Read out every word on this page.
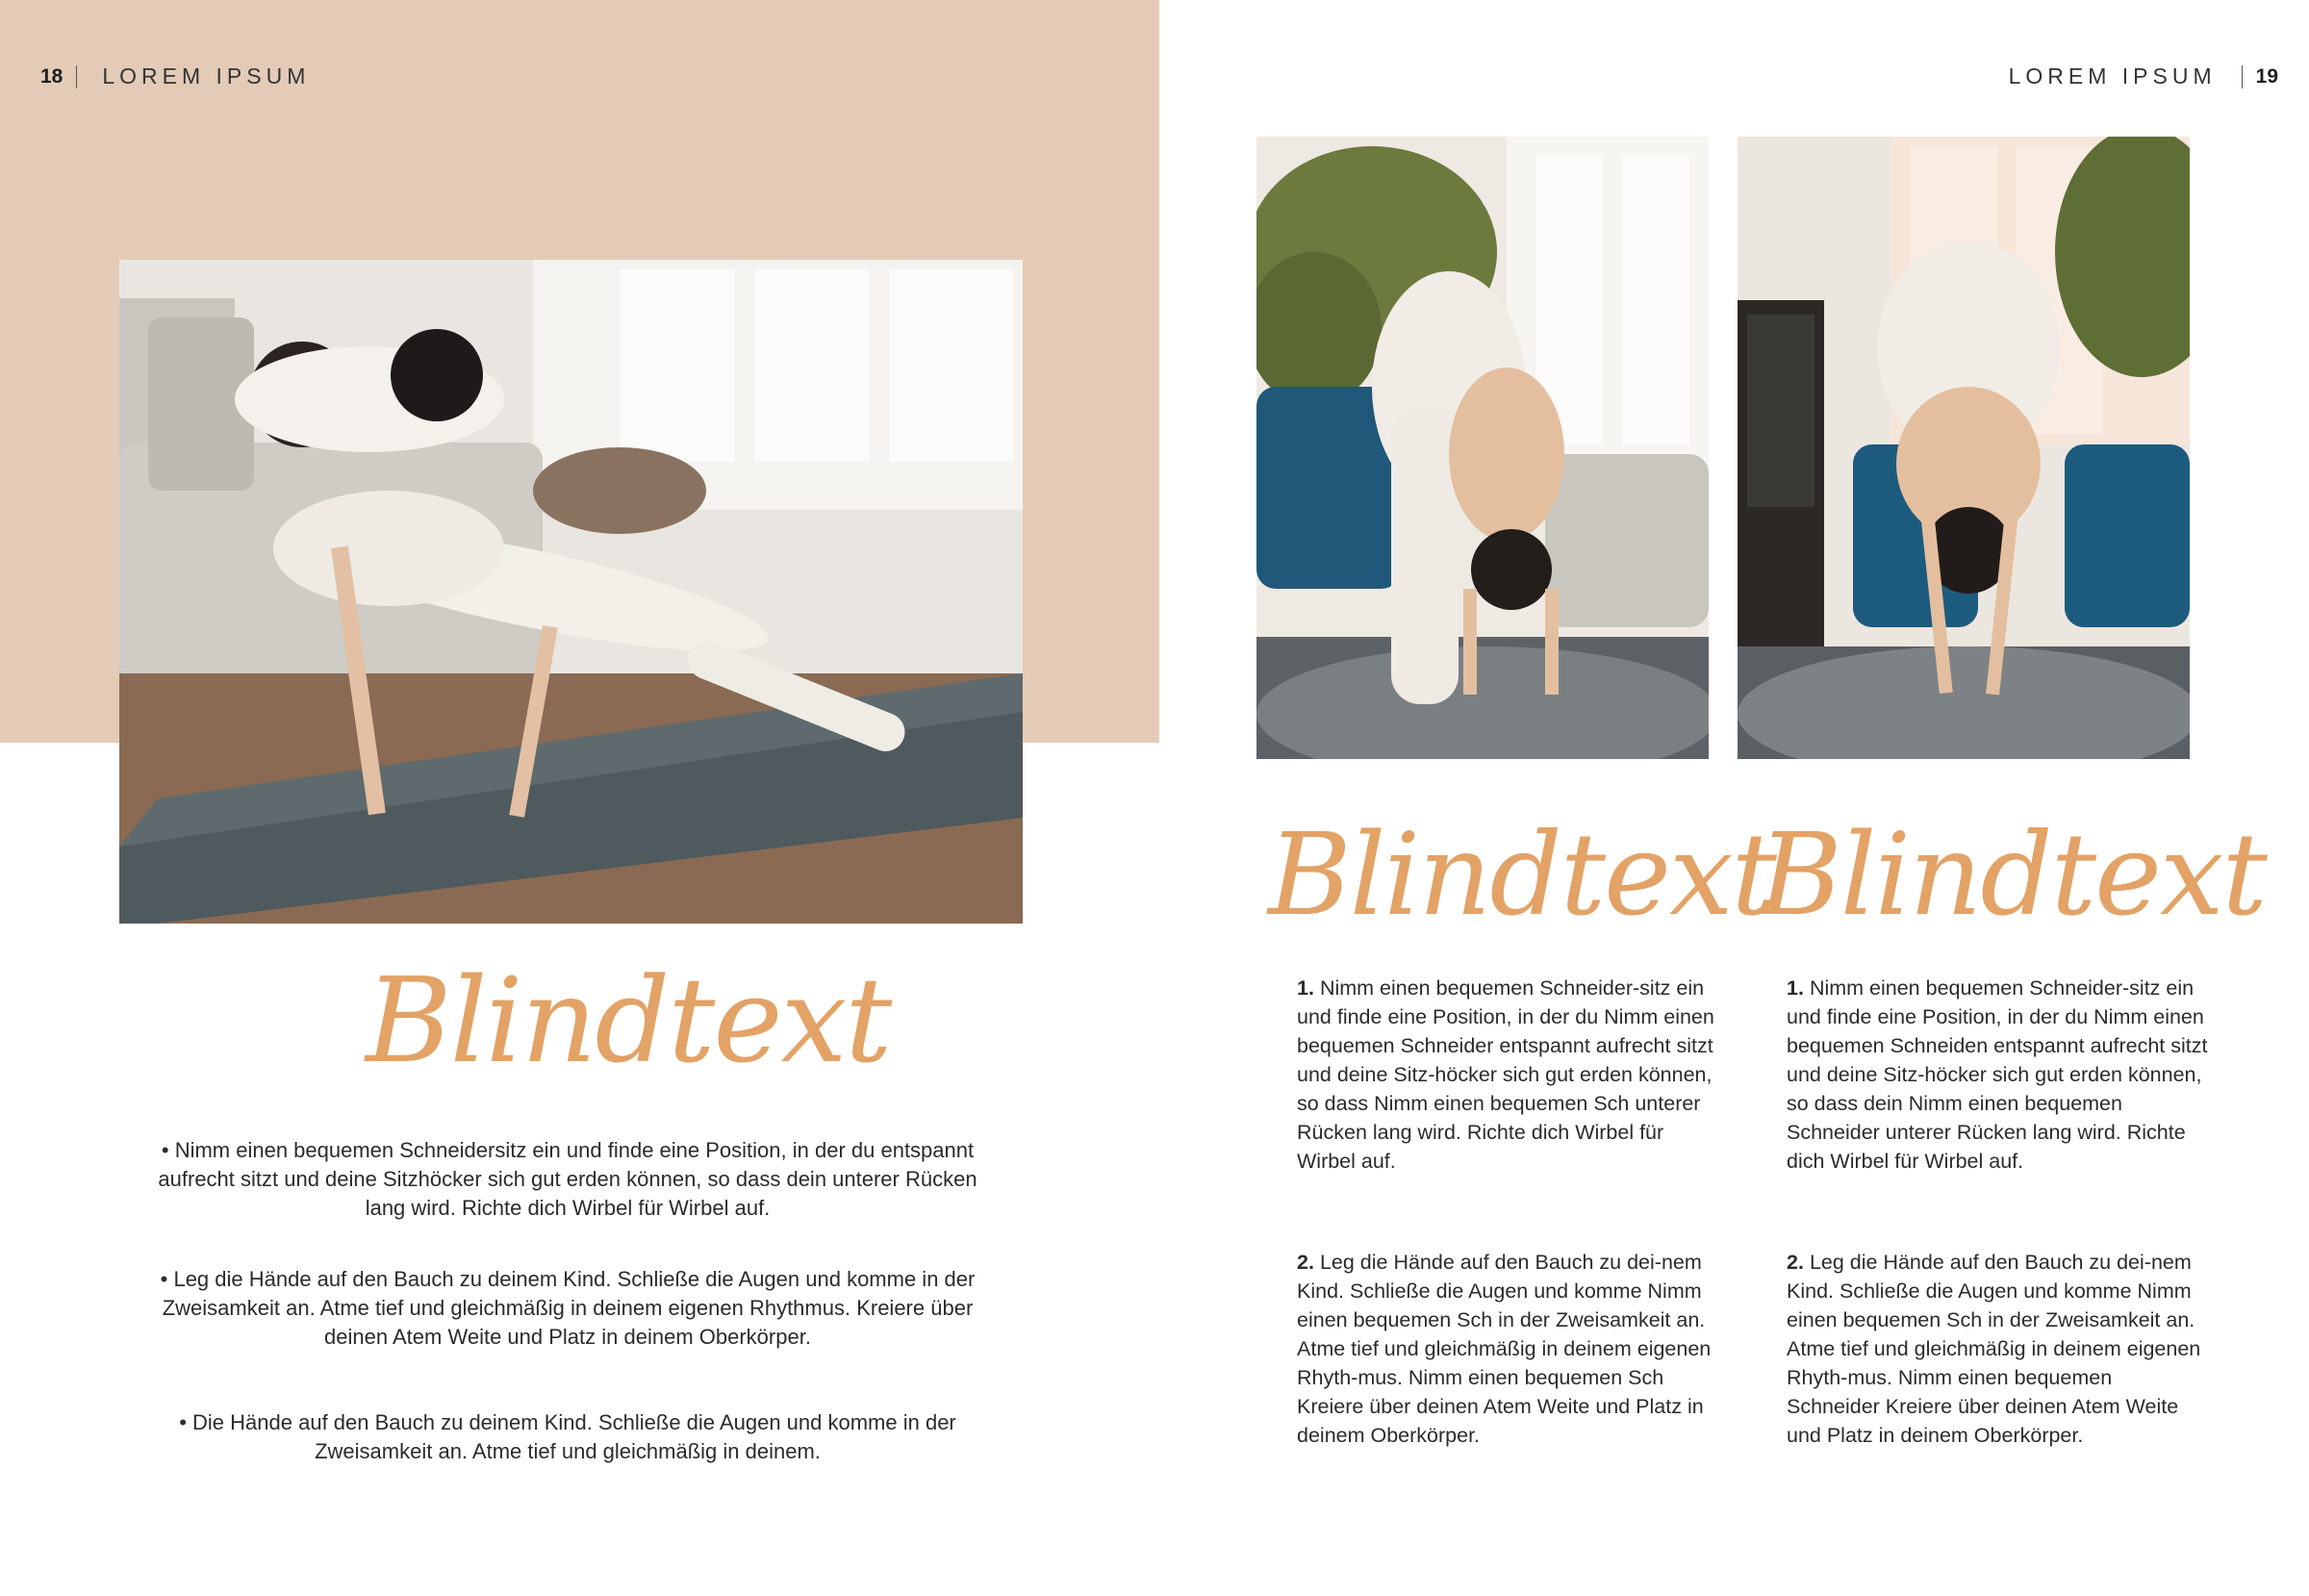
18 LOREM IPSUM	LOREM IPSUM 19
Blindtext

• Nimm einen bequemen Schneidersitz ein und finde eine Position, in der du entspannt aufrecht sitzt und deine Sitzhöcker sich gut erden können, so dass dein unterer Rücken lang wird. Richte dich Wirbel für Wirbel auf.

• Leg die Hände auf den Bauch zu deinem Kind. Schließe die Augen und komme in der Zweisamkeit an. Atme tief und gleichmäßig in deinem eigenen Rhythmus. Kreiere über deinen Atem Weite und Platz in deinem Oberkörper.

• Die Hände auf den Bauch zu deinem Kind. Schließe die Augen und komme in der Zweisamkeit an. Atme tief und gleichmäßig in deinem.

Blindtext

1. Nimm einen bequemen Schneider-sitz ein und finde eine Position, in der du Nimm einen bequemen Schneider entspannt aufrecht sitzt und deine Sitz-höcker sich gut erden können, so dass Nimm einen bequemen Sch unterer Rücken lang wird. Richte dich Wirbel für Wirbel auf.

2. Leg die Hände auf den Bauch zu dei-nem Kind. Schließe die Augen und komme Nimm einen bequemen Sch in der Zweisamkeit an. Atme tief und gleichmäßig in deinem eigenen Rhyth-mus. Nimm einen bequemen Sch Kreiere über deinen Atem Weite und Platz in deinem Oberkörper.

Blindtext

1. Nimm einen bequemen Schneider-sitz ein und finde eine Position, in der du Nimm einen bequemen Schneiden entspannt aufrecht sitzt und deine Sitz-höcker sich gut erden können, so dass dein Nimm einen bequemen Schneider unterer Rücken lang wird. Richte dich Wirbel für Wirbel auf.

2. Leg die Hände auf den Bauch zu dei-nem Kind. Schließe die Augen und komme Nimm einen bequemen Sch in der Zweisamkeit an. Atme tief und gleichmäßig in deinem eigenen Rhyth-mus. Nimm einen bequemen Schneider Kreiere über deinen Atem Weite und Platz in deinem Oberkörper.
